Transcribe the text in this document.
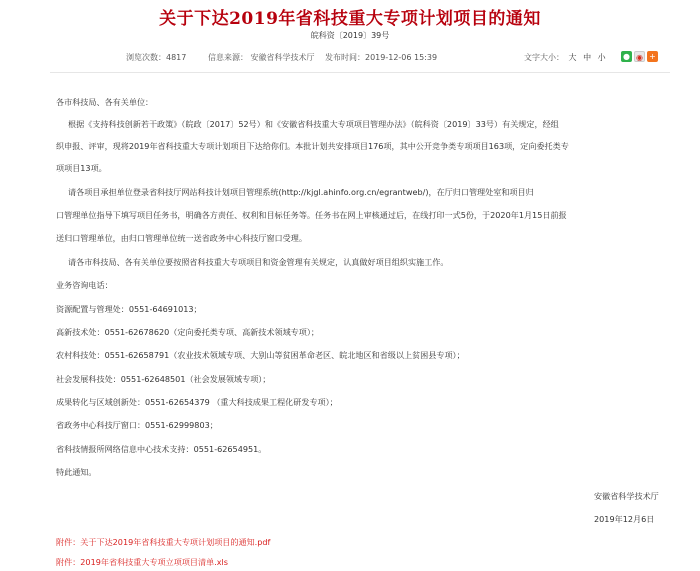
关于下达2019年省科技重大专项计划项目的通知
皖科资〔2019〕39号
浏览次数：4817	信息来源： 安徽省科学技术厅 发布时间：2019-12-06 15:39	文字大小： 大 中 小 ● ◉ +
各市科技局、各有关单位：
根据《支持科技创新若干政策》（皖政〔2017〕52号）和《安徽省科技重大专项项目管理办法》（皖科资〔2019〕33号）有关规定，经组
织申报、评审，现将2019年省科技重大专项计划项目下达给你们。本批计划共安排项目176项，其中公开竞争类专项项目163项，定向委托类专
项项目13项。
请各项目承担单位登录省科技厅网站科技计划项目管理系统(http://kjgl.ahinfo.org.cn/egrantweb/)，在厅归口管理处室和项目归
口管理单位指导下填写项目任务书，明确各方责任、权利和目标任务等。任务书在网上审核通过后，在线打印一式5份，于2020年1月15日前报
送归口管理单位，由归口管理单位统一送省政务中心科技厅窗口受理。
请各市科技局、各有关单位要按照省科技重大专项项目和资金管理有关规定，认真做好项目组织实施工作。
业务咨询电话：
资源配置与管理处：0551-64691013；
高新技术处：0551-62678620（定向委托类专项、高新技术领域专项）；
农村科技处：0551-62658791（农业技术领域专项、大别山等贫困革命老区、皖北地区和省级以上贫困县专项）；
社会发展科技处：0551-62648501（社会发展领域专项）；
成果转化与区域创新处：0551-62654379 （重大科技成果工程化研发专项）；
省政务中心科技厅窗口：0551-62999803；
省科技情报所网络信息中心技术支持：0551-62654951。
特此通知。
安徽省科学技术厅
2019年12月6日
附件：关于下达2019年省科技重大专项计划项目的通知.pdf
附件：2019年省科技重大专项立项项目清单.xls
